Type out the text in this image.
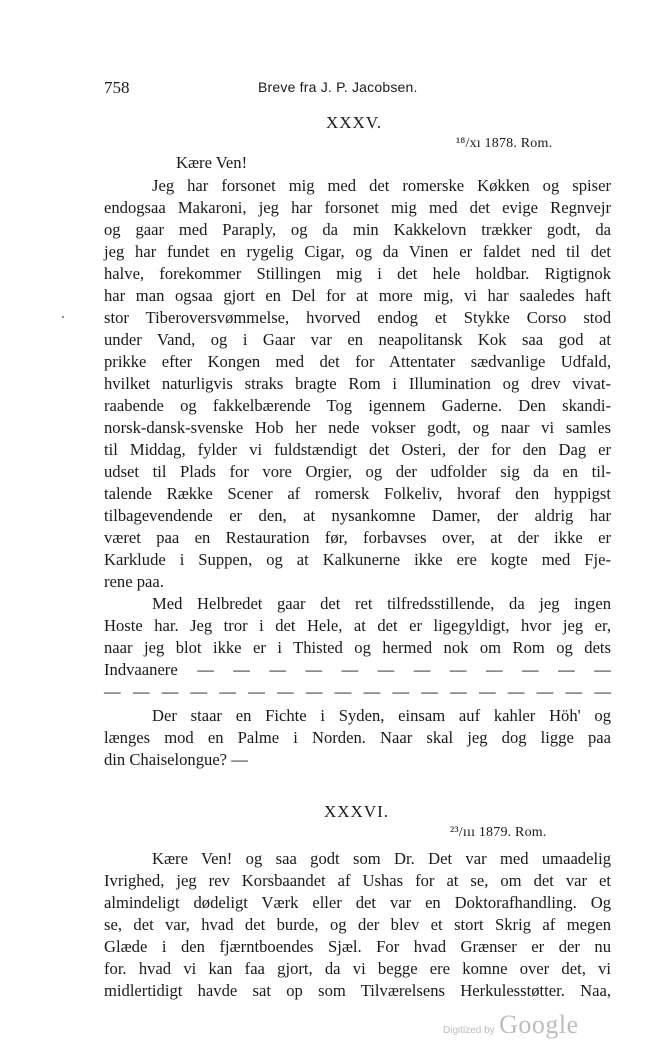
758	Breve fra J. P. Jacobsen.
XXXV.
¹⁸/xı 1878. Rom.
Kære Ven!
Jeg har forsonet mig med det romerske Køkken og spiser
endogsaa Makaroni, jeg har forsonet mig med det evige Regnvejr
og gaar med Paraply, og da min Kakkelovn trækker godt, da
jeg har fundet en rygelig Cigar, og da Vinen er faldet ned til det
halve, forekommer Stillingen mig i det hele holdbar. Rigtignok
har man ogsaa gjort en Del for at more mig, vi har saaledes haft
stor Tiberoversvømmelse, hvorved endog et Stykke Corso stod
under Vand, og i Gaar var en neapolitansk Kok saa god at
prikke efter Kongen med det for Attentater sædvanlige Udfald,
hvilket naturligvis straks bragte Rom i Illumination og drev vivat-
raabende og fakkelbærende Tog igennem Gaderne. Den skandi-
norsk-dansk-svenske Hob her nede vokser godt, og naar vi samles
til Middag, fylder vi fuldstændigt det Osteri, der for den Dag er
udset til Plads for vore Orgier, og der udfolder sig da en til-
talende Række Scener af romersk Folkeliv, hvoraf den hyppigst
tilbagevendende er den, at nysankomne Damer, der aldrig har
været paa en Restauration før, forbavses over, at der ikke er
Karklude i Suppen, og at Kalkunerne ikke ere kogte med Fje-
rene paa.
Med Helbredet gaar det ret tilfredsstillende, da jeg ingen
Hoste har. Jeg tror i det Hele, at det er ligegyldigt, hvor jeg er,
naar jeg blot ikke er i Thisted og hermed nok om Rom og dets
Indvaanere — — — — — — — — — — — —
— — — — — — — — — — — — — — — — — —
Der staar en Fichte i Syden, einsam auf kahler Höh' og
længes mod en Palme i Norden. Naar skal jeg dog ligge paa
din Chaiselongue? —
XXXVI.
²³/ııı 1879. Rom.
Kære Ven! og saa godt som Dr. Det var med umaadelig
Ivrighed, jeg rev Korsbaandet af Ushas for at se, om det var et
almindeligt dødeligt Værk eller det var en Doktorafhandling. Og
se, det var, hvad det burde, og der blev et stort Skrig af megen
Glæde i den fjærntboendes Sjæl. For hvad Grænser er der nu
for. hvad vi kan faa gjort, da vi begge ere komne over det, vi
midlertidigt havde sat op som Tilværelsens Herkulesstøtter. Naa,
Digitized by Google
